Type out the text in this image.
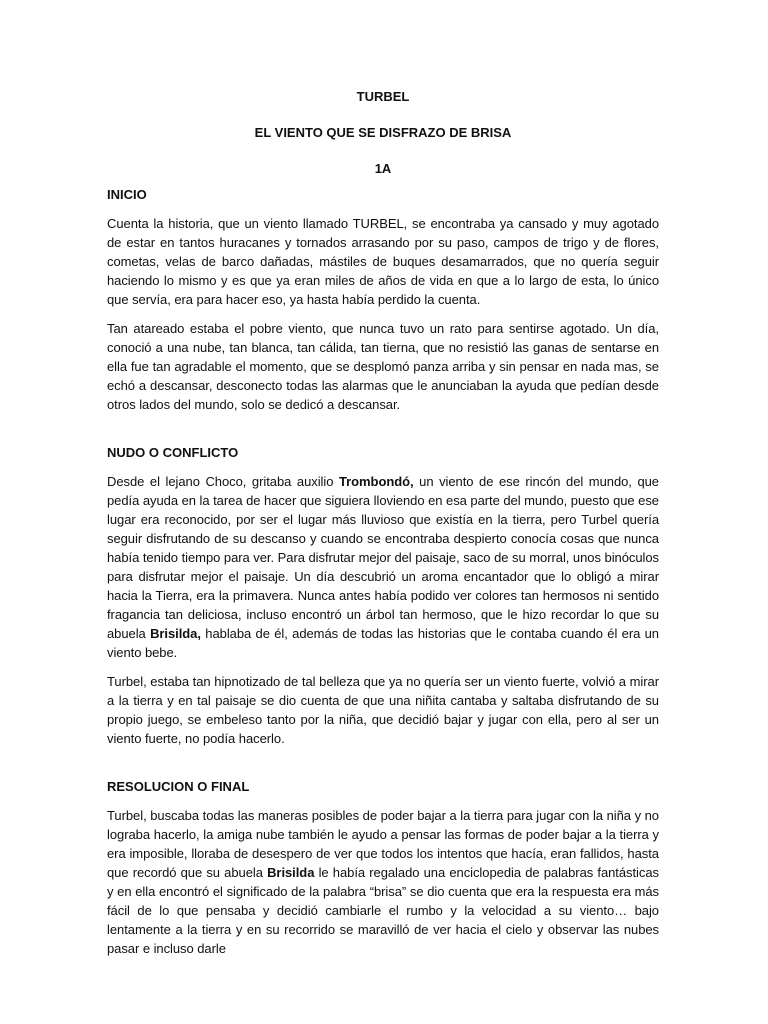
TURBEL

EL VIENTO QUE SE DISFRAZO DE BRISA

1A

INICIO

Cuenta la historia, que un viento llamado TURBEL, se encontraba ya cansado y muy agotado de estar en tantos huracanes y tornados arrasando por su paso, campos de trigo y de flores, cometas, velas de barco dañadas, mástiles de buques desamarrados, que no quería seguir haciendo lo mismo y es que ya eran miles de años de vida en que a lo largo de esta, lo único que servía, era para hacer eso, ya hasta había perdido la cuenta.

Tan atareado estaba el pobre viento, que nunca tuvo un rato para sentirse agotado. Un día, conoció a una nube, tan blanca, tan cálida, tan tierna, que no resistió las ganas de sentarse en ella fue tan agradable el momento, que se desplomó panza arriba y sin pensar en nada mas, se echó a descansar, desconecto todas las alarmas que le anunciaban la ayuda que pedían desde otros lados del mundo, solo se dedicó a descansar.

NUDO O CONFLICTO

Desde el lejano Choco, gritaba auxilio Trombondó, un viento de ese rincón del mundo, que pedía ayuda en la tarea de hacer que siguiera lloviendo en esa parte del mundo, puesto que ese lugar era reconocido, por ser el lugar más lluvioso que existía en la tierra, pero Turbel quería seguir disfrutando de su descanso y cuando se encontraba despierto conocía cosas que nunca había tenido tiempo para ver. Para disfrutar mejor del paisaje, saco de su morral, unos binóculos para disfrutar mejor el paisaje. Un día descubrió un aroma encantador que lo obligó a mirar hacia la Tierra, era la primavera. Nunca antes había podido ver colores tan hermosos ni sentido fragancia tan deliciosa, incluso encontró un árbol tan hermoso, que le hizo recordar lo que su abuela Brisilda, hablaba de él, además de todas las historias que le contaba cuando él era un viento bebe.

Turbel, estaba tan hipnotizado de tal belleza que ya no quería ser un viento fuerte, volvió a mirar a la tierra y en tal paisaje se dio cuenta de que una niñita cantaba y saltaba disfrutando de su propio juego, se embeleso tanto por la niña, que decidió bajar y jugar con ella, pero al ser un viento fuerte, no podía hacerlo.

RESOLUCION O FINAL

Turbel, buscaba todas las maneras posibles de poder bajar a la tierra para jugar con la niña y no lograba hacerlo, la amiga nube también le ayudo a pensar las formas de poder bajar a la tierra y era imposible, lloraba de desespero de ver que todos los intentos que hacía, eran fallidos, hasta que recordó que su abuela Brisilda le había regalado una enciclopedia de palabras fantásticas y en ella encontró el significado de la palabra “brisa” se dio cuenta que era la respuesta era más fácil de lo que pensaba y decidió cambiarle el rumbo y la velocidad a su viento… bajo lentamente a la tierra y en su recorrido se maravilló de ver hacia el cielo y observar las nubes pasar e incluso darle
